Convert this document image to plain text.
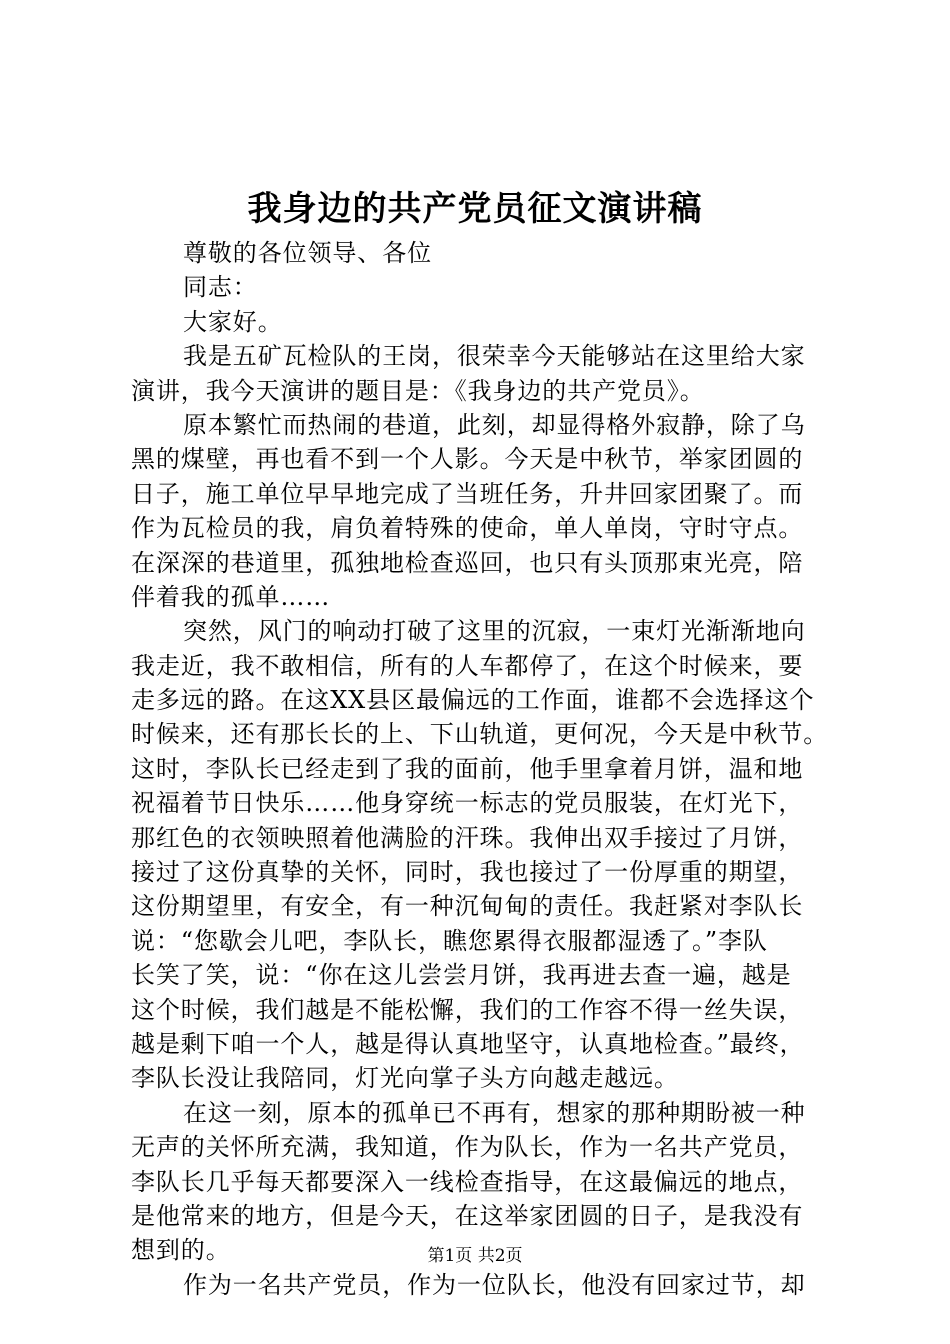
我身边的共产党员征文演讲稿
尊敬的各位领导、各位
同志：
大家好。
我是五矿瓦检队的王岗，很荣幸今天能够站在这里给大家
演讲，我今天演讲的题目是：《我身边的共产党员》。
原本繁忙而热闹的巷道，此刻，却显得格外寂静，除了乌
黑的煤壁，再也看不到一个人影。今天是中秋节，举家团圆的
日子，施工单位早早地完成了当班任务，升井回家团聚了。而
作为瓦检员的我，肩负着特殊的使命，单人单岗，守时守点。
在深深的巷道里，孤独地检查巡回，也只有头顶那束光亮，陪
伴着我的孤单……
突然，风门的响动打破了这里的沉寂，一束灯光渐渐地向
我走近，我不敢相信，所有的人车都停了，在这个时候来，要
走多远的路。在这XX县区最偏远的工作面，谁都不会选择这个
时候来，还有那长长的上、下山轨道，更何况，今天是中秋节。
这时，李队长已经走到了我的面前，他手里拿着月饼，温和地
祝福着节日快乐……他身穿统一标志的党员服装，在灯光下，
那红色的衣领映照着他满脸的汗珠。我伸出双手接过了月饼，
接过了这份真挚的关怀，同时，我也接过了一份厚重的期望，
这份期望里，有安全，有一种沉甸甸的责任。我赶紧对李队长
说：“您歇会儿吧，李队长，瞧您累得衣服都湿透了。”李队
长笑了笑，说：“你在这儿尝尝月饼，我再进去查一遍，越是
这个时候，我们越是不能松懈，我们的工作容不得一丝失误，
越是剩下咱一个人，越是得认真地坚守，认真地检查。”最终，
李队长没让我陪同，灯光向掌子头方向越走越远。
在这一刻，原本的孤单已不再有，想家的那种期盼被一种
无声的关怀所充满，我知道，作为队长，作为一名共产党员，
李队长几乎每天都要深入一线检查指导，在这最偏远的地点，
是他常来的地方，但是今天，在这举家团圆的日子，是我没有
想到的。
作为一名共产党员，作为一位队长，他没有回家过节，却
第1页 共2页
